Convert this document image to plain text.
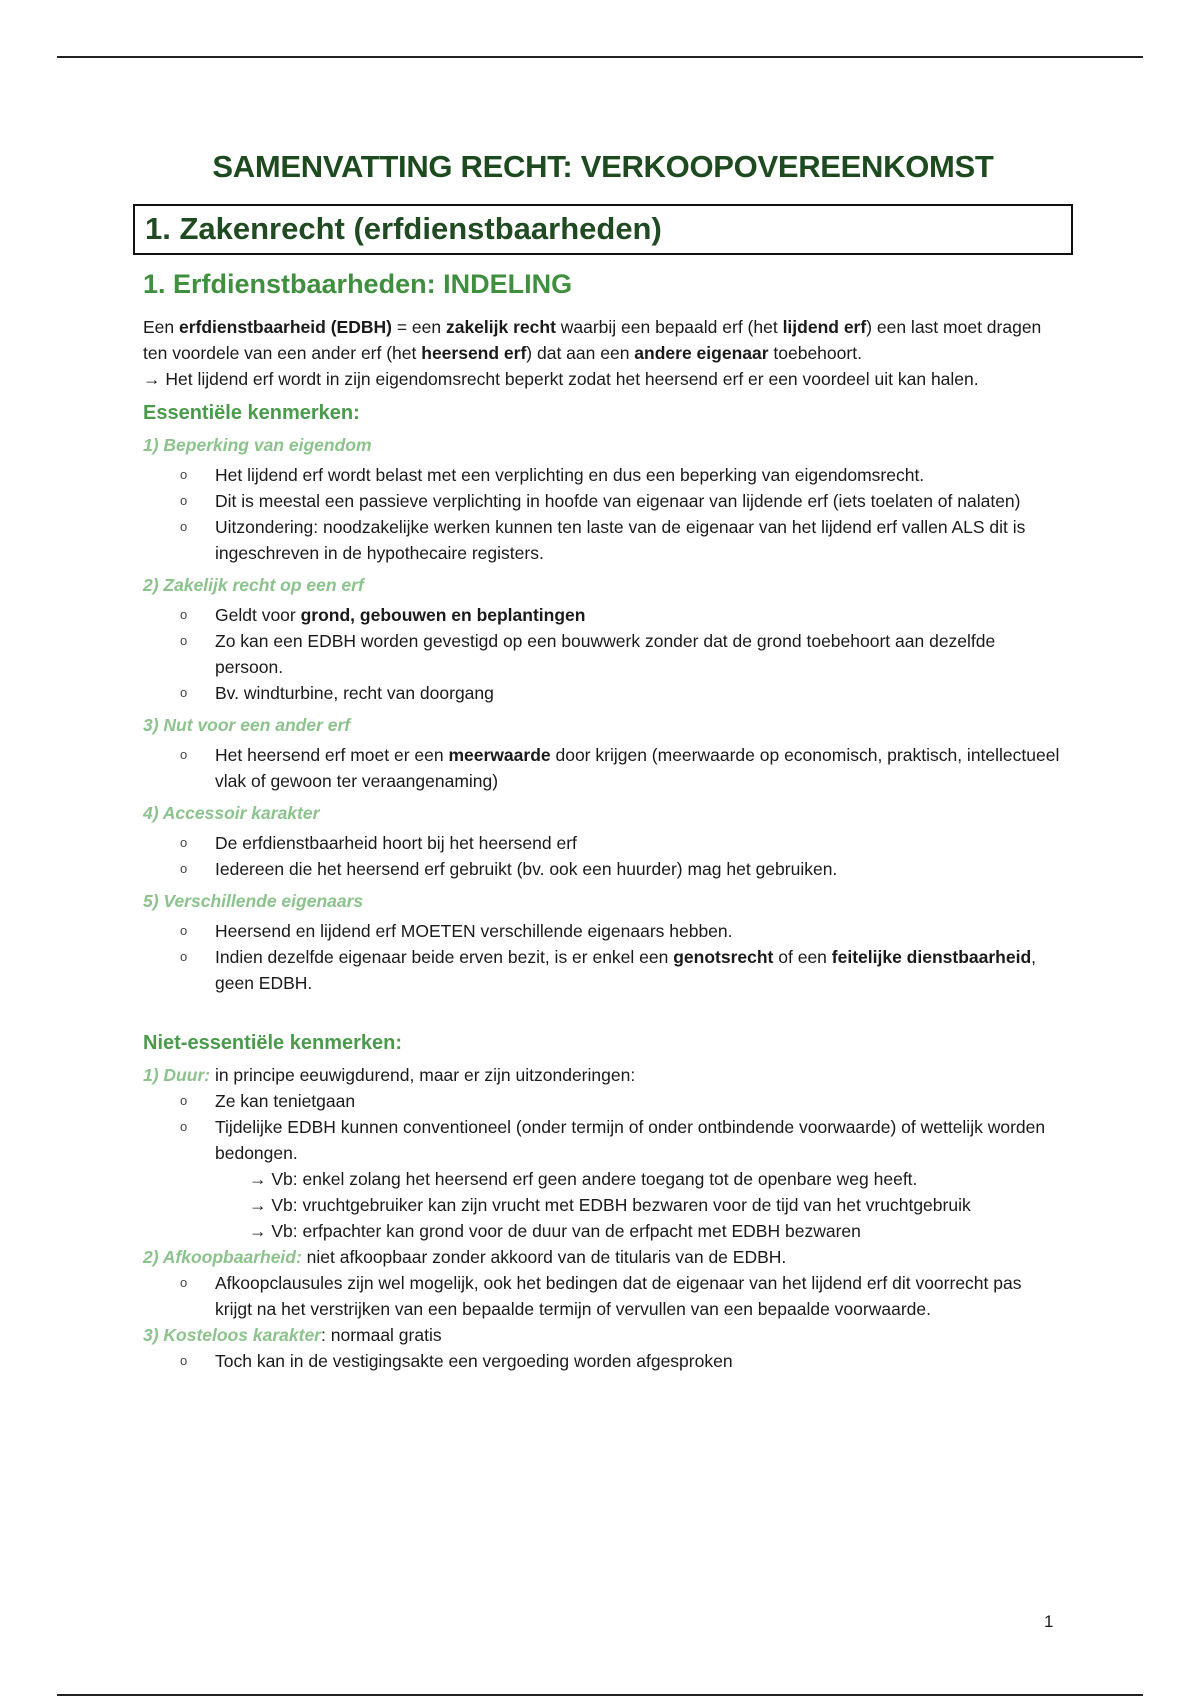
SAMENVATTING RECHT: VERKOOPOVEREENKOMST
1. Zakenrecht (erfdienstbaarheden)
1. Erfdienstbaarheden: INDELING

Een erfdienstbaarheid (EDBH) = een zakelijk recht waarbij een bepaald erf (het lijdend erf) een last moet dragen ten voordele van een ander erf (het heersend erf) dat aan een andere eigenaar toebehoort.

→ Het lijdend erf wordt in zijn eigendomsrecht beperkt zodat het heersend erf er een voordeel uit kan halen.

Essentiële kenmerken:
1) Beperking van eigendom
o Het lijdend erf wordt belast met een verplichting en dus een beperking van eigendomsrecht.
o Dit is meestal een passieve verplichting in hoofde van eigenaar van lijdende erf (iets toelaten of nalaten)
o Uitzondering: noodzakelijke werken kunnen ten laste van de eigenaar van het lijdend erf vallen ALS dit is ingeschreven in de hypothecaire registers.
2) Zakelijk recht op een erf
o Geldt voor grond, gebouwen en beplantingen
o Zo kan een EDBH worden gevestigd op een bouwwerk zonder dat de grond toebehoort aan dezelfde persoon.
o Bv. windturbine, recht van doorgang
3) Nut voor een ander erf
o Het heersend erf moet er een meerwaarde door krijgen (meerwaarde op economisch, praktisch, intellectueel vlak of gewoon ter veraangenaming)
4) Accessoir karakter
o De erfdienstbaarheid hoort bij het heersend erf
o Iedereen die het heersend erf gebruikt (bv. ook een huurder) mag het gebruiken.
5) Verschillende eigenaars
o Heersend en lijdend erf MOETEN verschillende eigenaars hebben.
o Indien dezelfde eigenaar beide erven bezit, is er enkel een genotsrecht of een feitelijke dienstbaarheid, geen EDBH.
Niet-essentiële kenmerken:

1) Duur: in principe eeuwigdurend, maar er zijn uitzonderingen:

o Ze kan tenietgaan
o Tijdelijke EDBH kunnen conventioneel (onder termijn of onder ontbindende voorwaarde) of wettelijk worden bedongen.

→ Vb: enkel zolang het heersend erf geen andere toegang tot de openbare weg heeft.

→ Vb: vruchtgebruiker kan zijn vrucht met EDBH bezwaren voor de tijd van het vruchtgebruik

→ Vb: erfpachter kan grond voor de duur van de erfpacht met EDBH bezwaren

2) Afkoopbaarheid: niet afkoopbaar zonder akkoord van de titularis van de EDBH.

o Afkoopclausules zijn wel mogelijk, ook het bedingen dat de eigenaar van het lijdend erf dit voorrecht pas krijgt na het verstrijken van een bepaalde termijn of vervullen van een bepaalde voorwaarde.

3) Kosteloos karakter: normaal gratis

o Toch kan in de vestigingsakte een vergoeding worden afgesproken
1
